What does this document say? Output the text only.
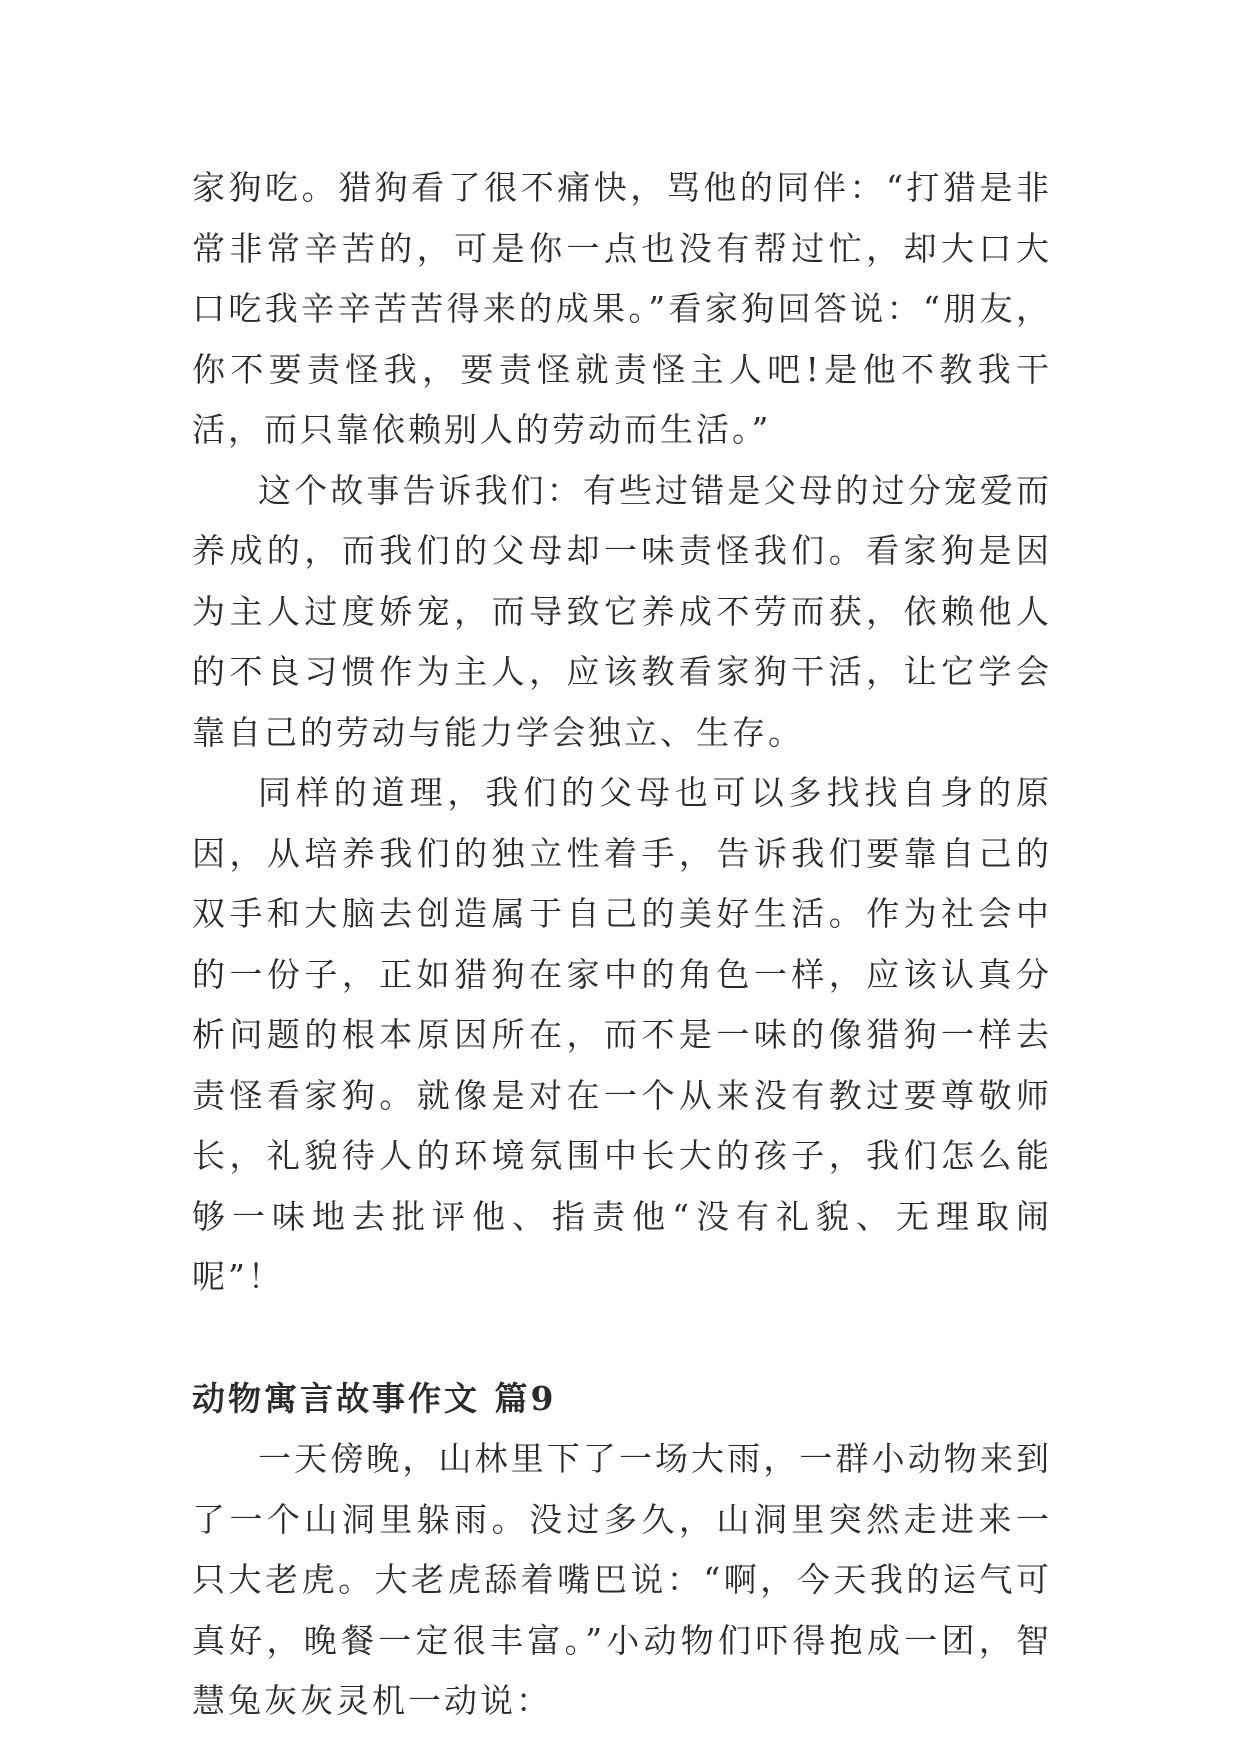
家狗吃。猎狗看了很不痛快，骂他的同伴：“打猎是非常非常辛苦的，可是你一点也没有帮过忙，却大口大口吃我辛辛苦苦得来的成果。”看家狗回答说：“朋友，你不要责怪我，要责怪就责怪主人吧!是他不教我干活，而只靠依赖别人的劳动而生活。”

这个故事告诉我们：有些过错是父母的过分宠爱而养成的，而我们的父母却一味责怪我们。看家狗是因为主人过度娇宠，而导致它养成不劳而获，依赖他人的不良习惯作为主人，应该教看家狗干活，让它学会靠自己的劳动与能力学会独立、生存。

同样的道理，我们的父母也可以多找找自身的原因，从培养我们的独立性着手，告诉我们要靠自己的双手和大脑去创造属于自己的美好生活。作为社会中的一份子，正如猎狗在家中的角色一样，应该认真分析问题的根本原因所在，而不是一味的像猎狗一样去责怪看家狗。就像是对在一个从来没有教过要尊敬师长，礼貌待人的环境氛围中长大的孩子，我们怎么能够一味地去批评他、指责他“没有礼貌、无理取闹呢”！

动物寓言故事作文 篇9

一天傍晚，山林里下了一场大雨，一群小动物来到了一个山洞里躲雨。没过多久，山洞里突然走进来一只大老虎。大老虎舔着嘴巴说：“啊，今天我的运气可真好，晚餐一定很丰富。”小动物们吓得抱成一团，智慧兔灰灰灵机一动说：
